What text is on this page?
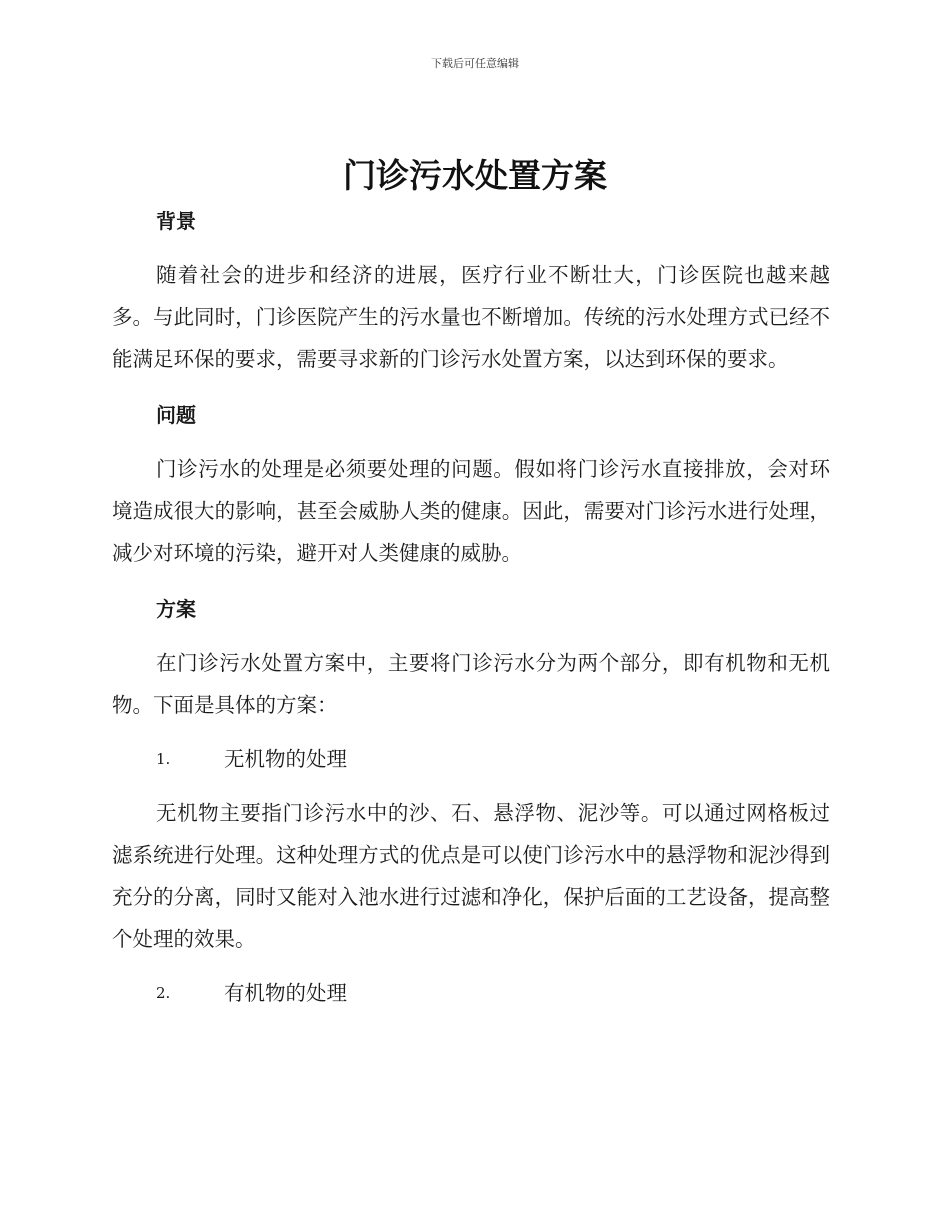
下载后可任意编辑
门诊污水处置方案
背景

随着社会的进步和经济的进展，医疗行业不断壮大，门诊医院也越来越多。与此同时，门诊医院产生的污水量也不断增加。传统的污水处理方式已经不能满足环保的要求，需要寻求新的门诊污水处置方案，以达到环保的要求。

问题

门诊污水的处理是必须要处理的问题。假如将门诊污水直接排放，会对环境造成很大的影响，甚至会威胁人类的健康。因此，需要对门诊污水进行处理，减少对环境的污染，避开对人类健康的威胁。

方案

在门诊污水处置方案中，主要将门诊污水分为两个部分，即有机物和无机物。下面是具体的方案：

1.	无机物的处理

无机物主要指门诊污水中的沙、石、悬浮物、泥沙等。可以通过网格板过滤系统进行处理。这种处理方式的优点是可以使门诊污水中的悬浮物和泥沙得到充分的分离，同时又能对入池水进行过滤和净化，保护后面的工艺设备，提高整个处理的效果。

2.	有机物的处理
